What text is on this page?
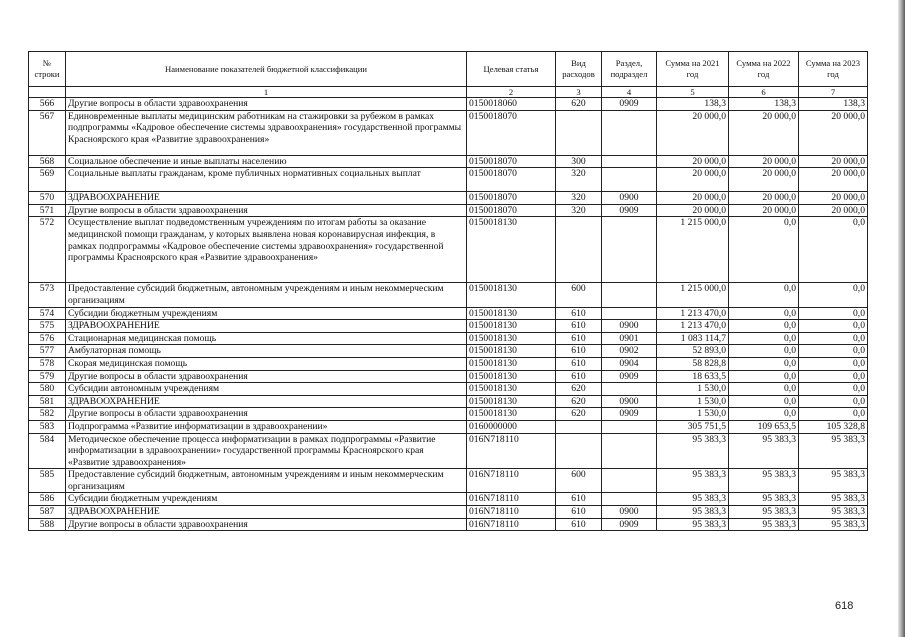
№ строки	Наименование показателей бюджетной классификации	Целевая статья	Вид расходов	Раздел, подраздел	Сумма на 2021 год	Сумма на 2022 год	Сумма на 2023 год
	1	2	3	4	5	6	7
566	Другие вопросы в области здравоохранения	0150018060	620	0909	138,3	138,3	138,3
567	Единовременные выплаты медицинским работникам на стажировки за рубежом в рамках подпрограммы «Кадровое обеспечение системы здравоохранения» государственной программы Красноярского края «Развитие здравоохранения»	0150018070			20 000,0	20 000,0	20 000,0
568	Социальное обеспечение и иные выплаты населению	0150018070	300		20 000,0	20 000,0	20 000,0
569	Социальные выплаты гражданам, кроме публичных нормативных социальных выплат	0150018070	320		20 000,0	20 000,0	20 000,0
570	ЗДРАВООХРАНЕНИЕ	0150018070	320	0900	20 000,0	20 000,0	20 000,0
571	Другие вопросы в области здравоохранения	0150018070	320	0909	20 000,0	20 000,0	20 000,0
572	Осуществление выплат подведомственным учреждениям по итогам работы за оказание медицинской помощи гражданам, у которых выявлена новая коронавирусная инфекция, в рамках подпрограммы «Кадровое обеспечение системы здравоохранения» государственной программы Красноярского края «Развитие здравоохранения»	0150018130			1 215 000,0	0,0	0,0
573	Предоставление субсидий бюджетным, автономным учреждениям и иным некоммерческим организациям	0150018130	600		1 215 000,0	0,0	0,0
574	Субсидии бюджетным учреждениям	0150018130	610		1 213 470,0	0,0	0,0
575	ЗДРАВООХРАНЕНИЕ	0150018130	610	0900	1 213 470,0	0,0	0,0
576	Стационарная медицинская помощь	0150018130	610	0901	1 083 114,7	0,0	0,0
577	Амбулаторная помощь	0150018130	610	0902	52 893,0	0,0	0,0
578	Скорая медицинская помощь	0150018130	610	0904	58 828,8	0,0	0,0
579	Другие вопросы в области здравоохранения	0150018130	610	0909	18 633,5	0,0	0,0
580	Субсидии автономным учреждениям	0150018130	620		1 530,0	0,0	0,0
581	ЗДРАВООХРАНЕНИЕ	0150018130	620	0900	1 530,0	0,0	0,0
582	Другие вопросы в области здравоохранения	0150018130	620	0909	1 530,0	0,0	0,0
583	Подпрограмма «Развитие информатизации в здравоохранении»	0160000000			305 751,5	109 653,5	105 328,8
584	Методическое обеспечение процесса информатизации в рамках подпрограммы «Развитие информатизации в здравоохранении» государственной программы Красноярского края «Развитие здравоохранения»	016N718110			95 383,3	95 383,3	95 383,3
585	Предоставление субсидий бюджетным, автономным учреждениям и иным некоммерческим организациям	016N718110	600		95 383,3	95 383,3	95 383,3
586	Субсидии бюджетным учреждениям	016N718110	610		95 383,3	95 383,3	95 383,3
587	ЗДРАВООХРАНЕНИЕ	016N718110	610	0900	95 383,3	95 383,3	95 383,3
588	Другие вопросы в области здравоохранения	016N718110	610	0909	95 383,3	95 383,3	95 383,3
618
